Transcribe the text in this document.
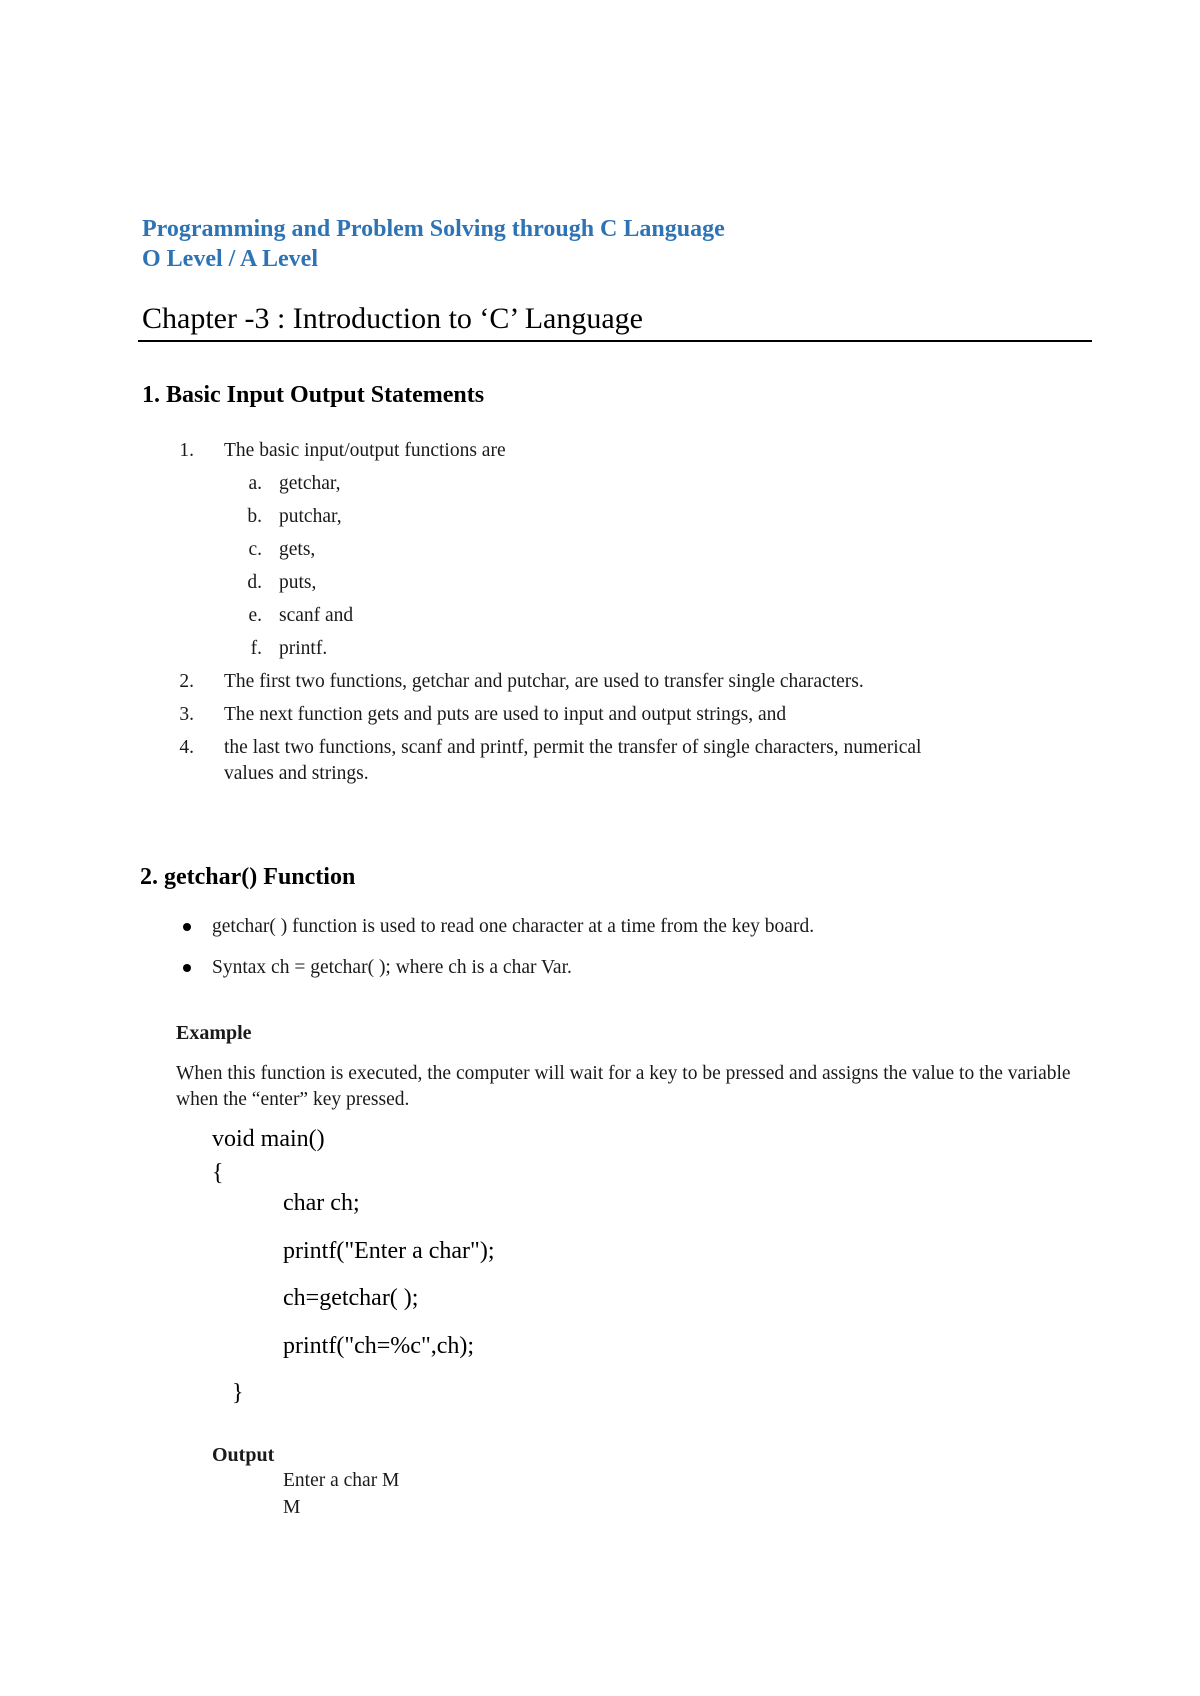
Programming and Problem Solving through C Language
O Level / A Level
Chapter -3 : Introduction to ‘C’ Language
1. Basic Input Output Statements
1. The basic input/output functions are
a. getchar,
b. putchar,
c. gets,
d. puts,
e. scanf and
f. printf.
2. The first two functions, getchar and putchar, are used to transfer single characters.
3. The next function gets and puts are used to input and output strings, and
4. the last two functions, scanf and printf, permit the transfer of single characters, numerical
values and strings.
2. getchar() Function
getchar( ) function is used to read one character at a time from the key board.
Syntax ch = getchar( ); where ch is a char Var.
Example
When this function is executed, the computer will wait for a key to be pressed and assigns the value to the variable when the “enter” key pressed.
void main()
{
char ch;
printf("Enter a char");
ch=getchar( );
printf("ch=%c",ch);
}
Output
Enter a char M
M
